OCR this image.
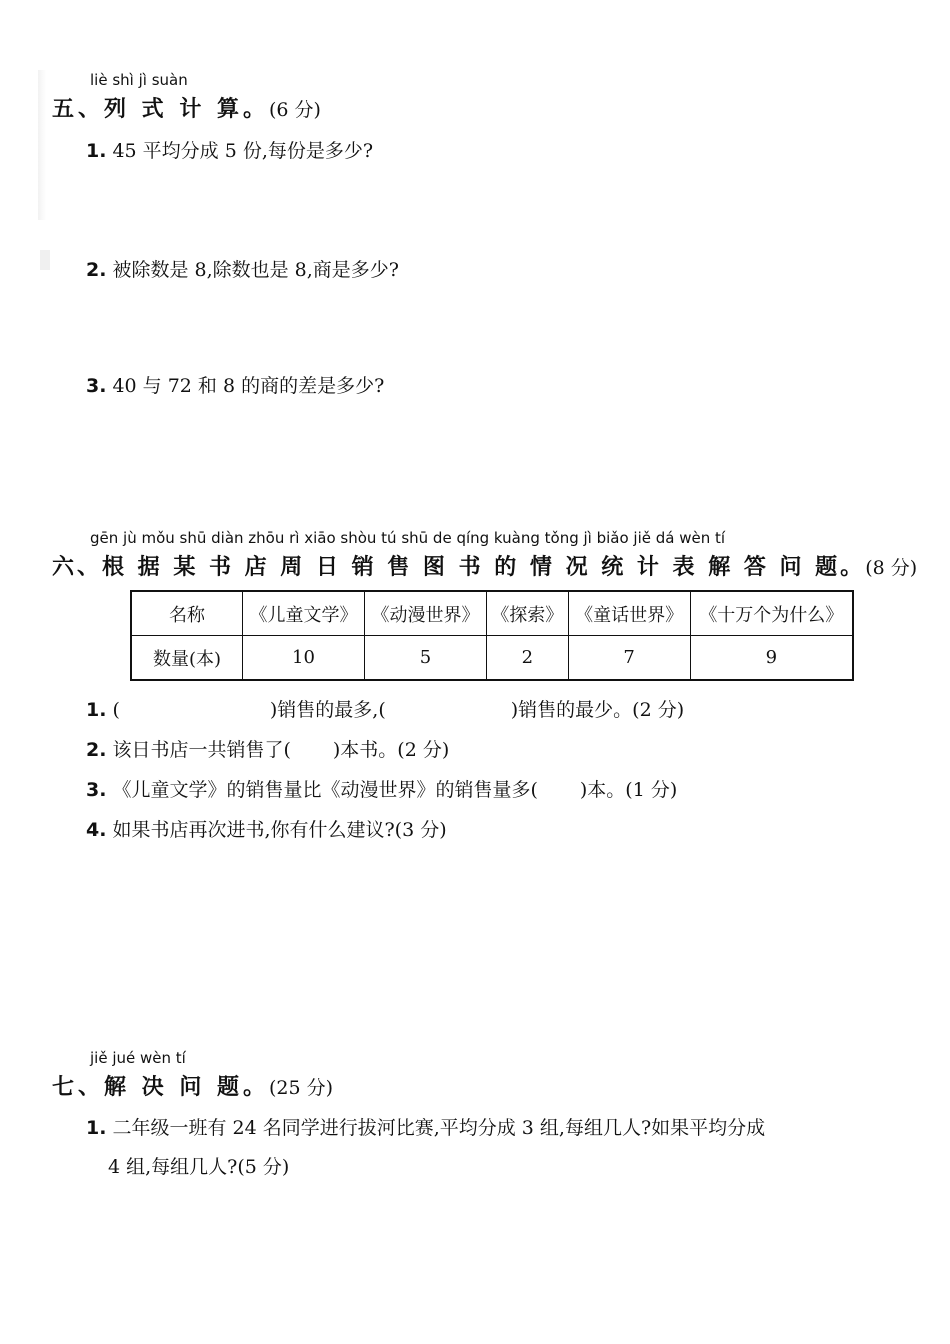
liè shì jì suàn
五、列 式 计 算。(6 分)
1. 45 平均分成 5 份,每份是多少?
2. 被除数是 8,除数也是 8,商是多少?
3. 40 与 72 和 8 的商的差是多少?
gēn jù mǒu shū diàn zhōu rì xiāo shòu tú shū de qíng kuàng tǒng jì biǎo jiě dá wèn tí
六、根 据 某 书 店 周 日 销 售 图 书 的 情 况 统 计 表 解 答 问 题。(8 分)
名称	《儿童文学》	《动漫世界》	《探索》	《童话世界》	《十万个为什么》
数量(本)	10	5	2	7	9
1. (	)销售的最多,(	)销售的最少。(2 分)
2. 该日书店一共销售了( )本书。(2 分)
3. 《儿童文学》的销售量比《动漫世界》的销售量多( )本。(1 分)
4. 如果书店再次进书,你有什么建议?(3 分)
jiě jué wèn tí
七、解 决 问 题。(25 分)
1. 二年级一班有 24 名同学进行拔河比赛,平均分成 3 组,每组几人?如果平均分成
4 组,每组几人?(5 分)
